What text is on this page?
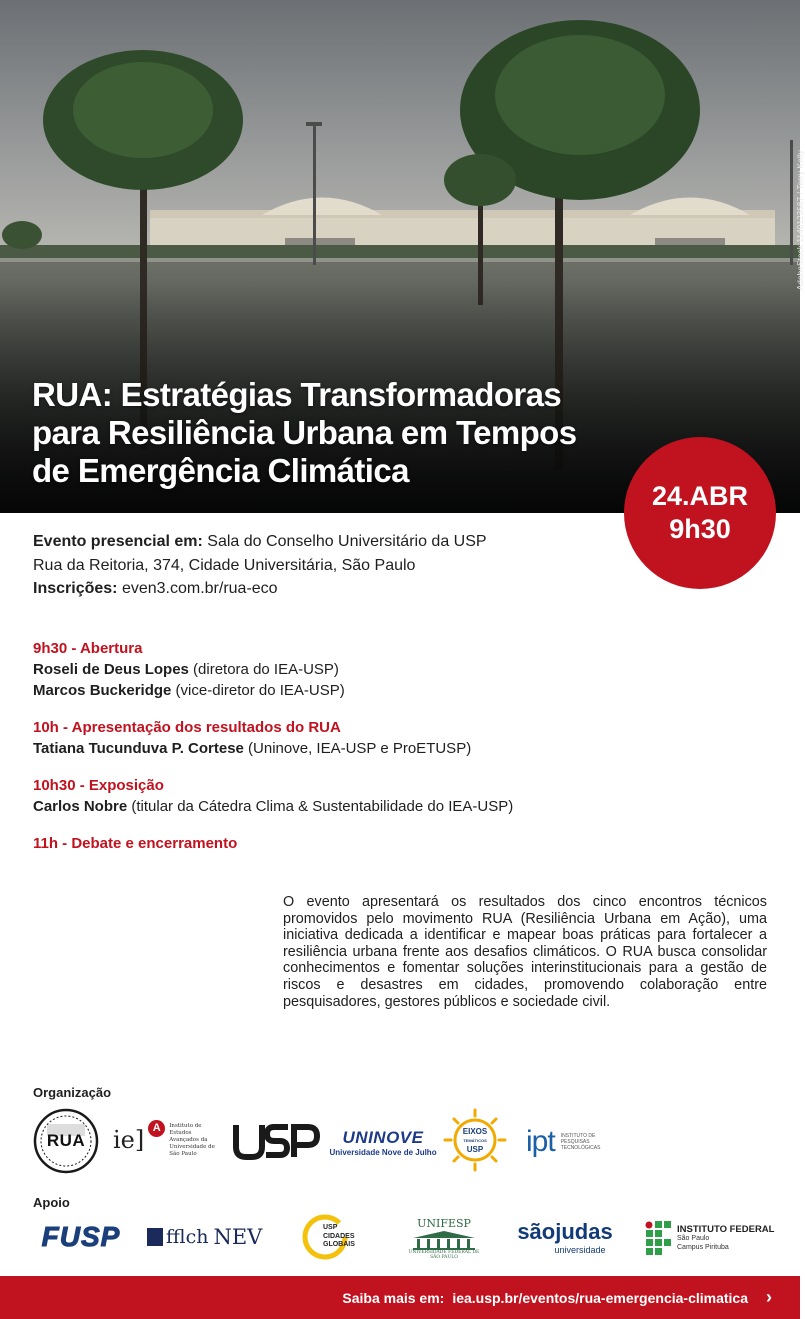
AdobeStock 1140123567 / Terry Kelly
RUA: Estratégias Transformadoras
para Resiliência Urbana em Tempos
de Emergência Climática
24.ABR
9h30
Evento presencial em: Sala do Conselho Universitário da USP
Rua da Reitoria, 374, Cidade Universitária, São Paulo
Inscrições: even3.com.br/rua-eco
9h30 - Abertura
Roseli de Deus Lopes (diretora do IEA-USP)
Marcos Buckeridge (vice-diretor do IEA-USP)
10h - Apresentação dos resultados do RUA
Tatiana Tucunduva P. Cortese (Uninove, IEA-USP e ProETUSP)
10h30 - Exposição
Carlos Nobre (titular da Cátedra Clima & Sustentabilidade do IEA-USP)
11h - Debate e encerramento

O evento apresentará os resultados dos cinco encontros técnicos promovidos pelo movimento RUA (Resiliência Urbana em Ação), uma iniciativa dedicada a identificar e mapear boas práticas para fortalecer a resiliência urbana frente aos desafios climáticos. O RUA busca consolidar conhecimentos e fomentar soluções interinstitucionais para a gestão de riscos e desastres em cidades, promovendo colaboração entre pesquisadores, gestores públicos e sociedade civil.

Organização
RUA ie] A	Instituto de Estudos Avançados da Universidade de São Paulo
UNINOVE
Universidade Nove de Julho
EIXOS
TEMÁTICOS
USP	ipt INSTITUTO DE PESQUISAS TECNOLÓGICAS
Apoio
FUSP fflch NEV	USP
CIDADES
GLOBAIS
UNIFESP
UNIVERSIDADE FEDERAL DE SÃO PAULO
sãojudas
universidade
INSTITUTO FEDERAL
São Paulo
Campus Pirituba
Saiba mais em: iea.usp.br/eventos/rua-emergencia-climatica ›
